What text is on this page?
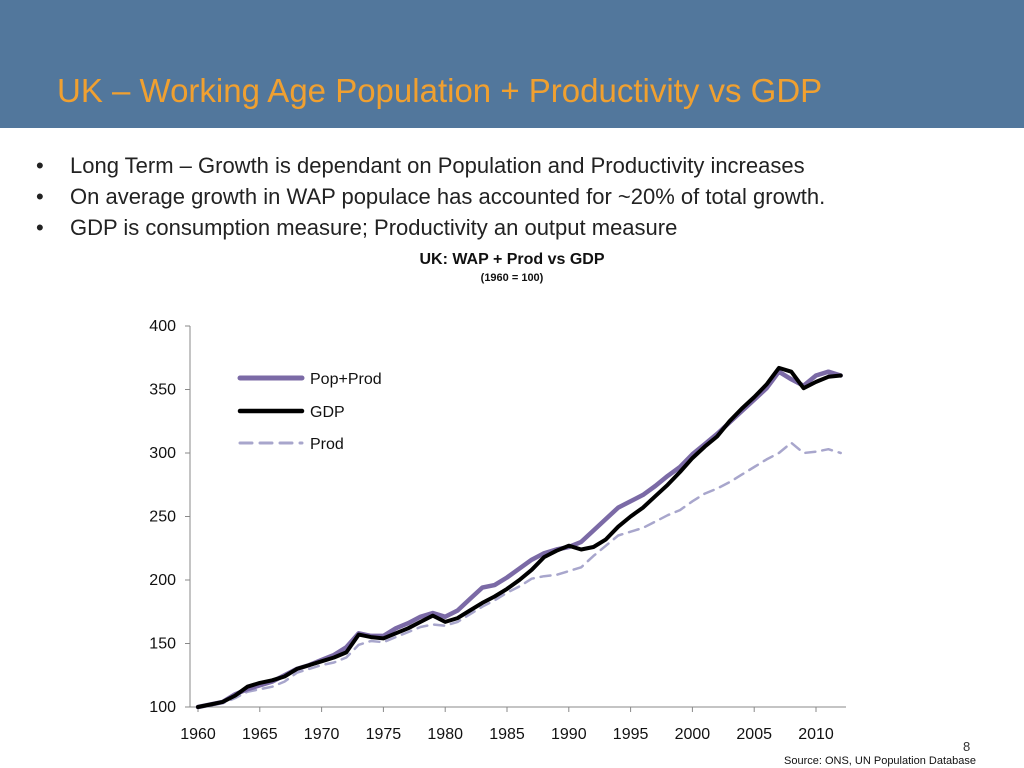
UK – Working Age Population + Productivity vs GDP
• Long Term – Growth is dependant on Population and Productivity increases
• On average growth in WAP populace has accounted for ~20% of total growth.
• GDP is consumption measure; Productivity an output measure
UK: WAP + Prod vs GDP
(1960 = 100)
100
150
200
250
300
350
400
1960 1965 1970 1975 1980 1985 1990 1995 2000 2005 2010
Pop+Prod
GDP
Prod
8
Source: ONS, UN Population Database
